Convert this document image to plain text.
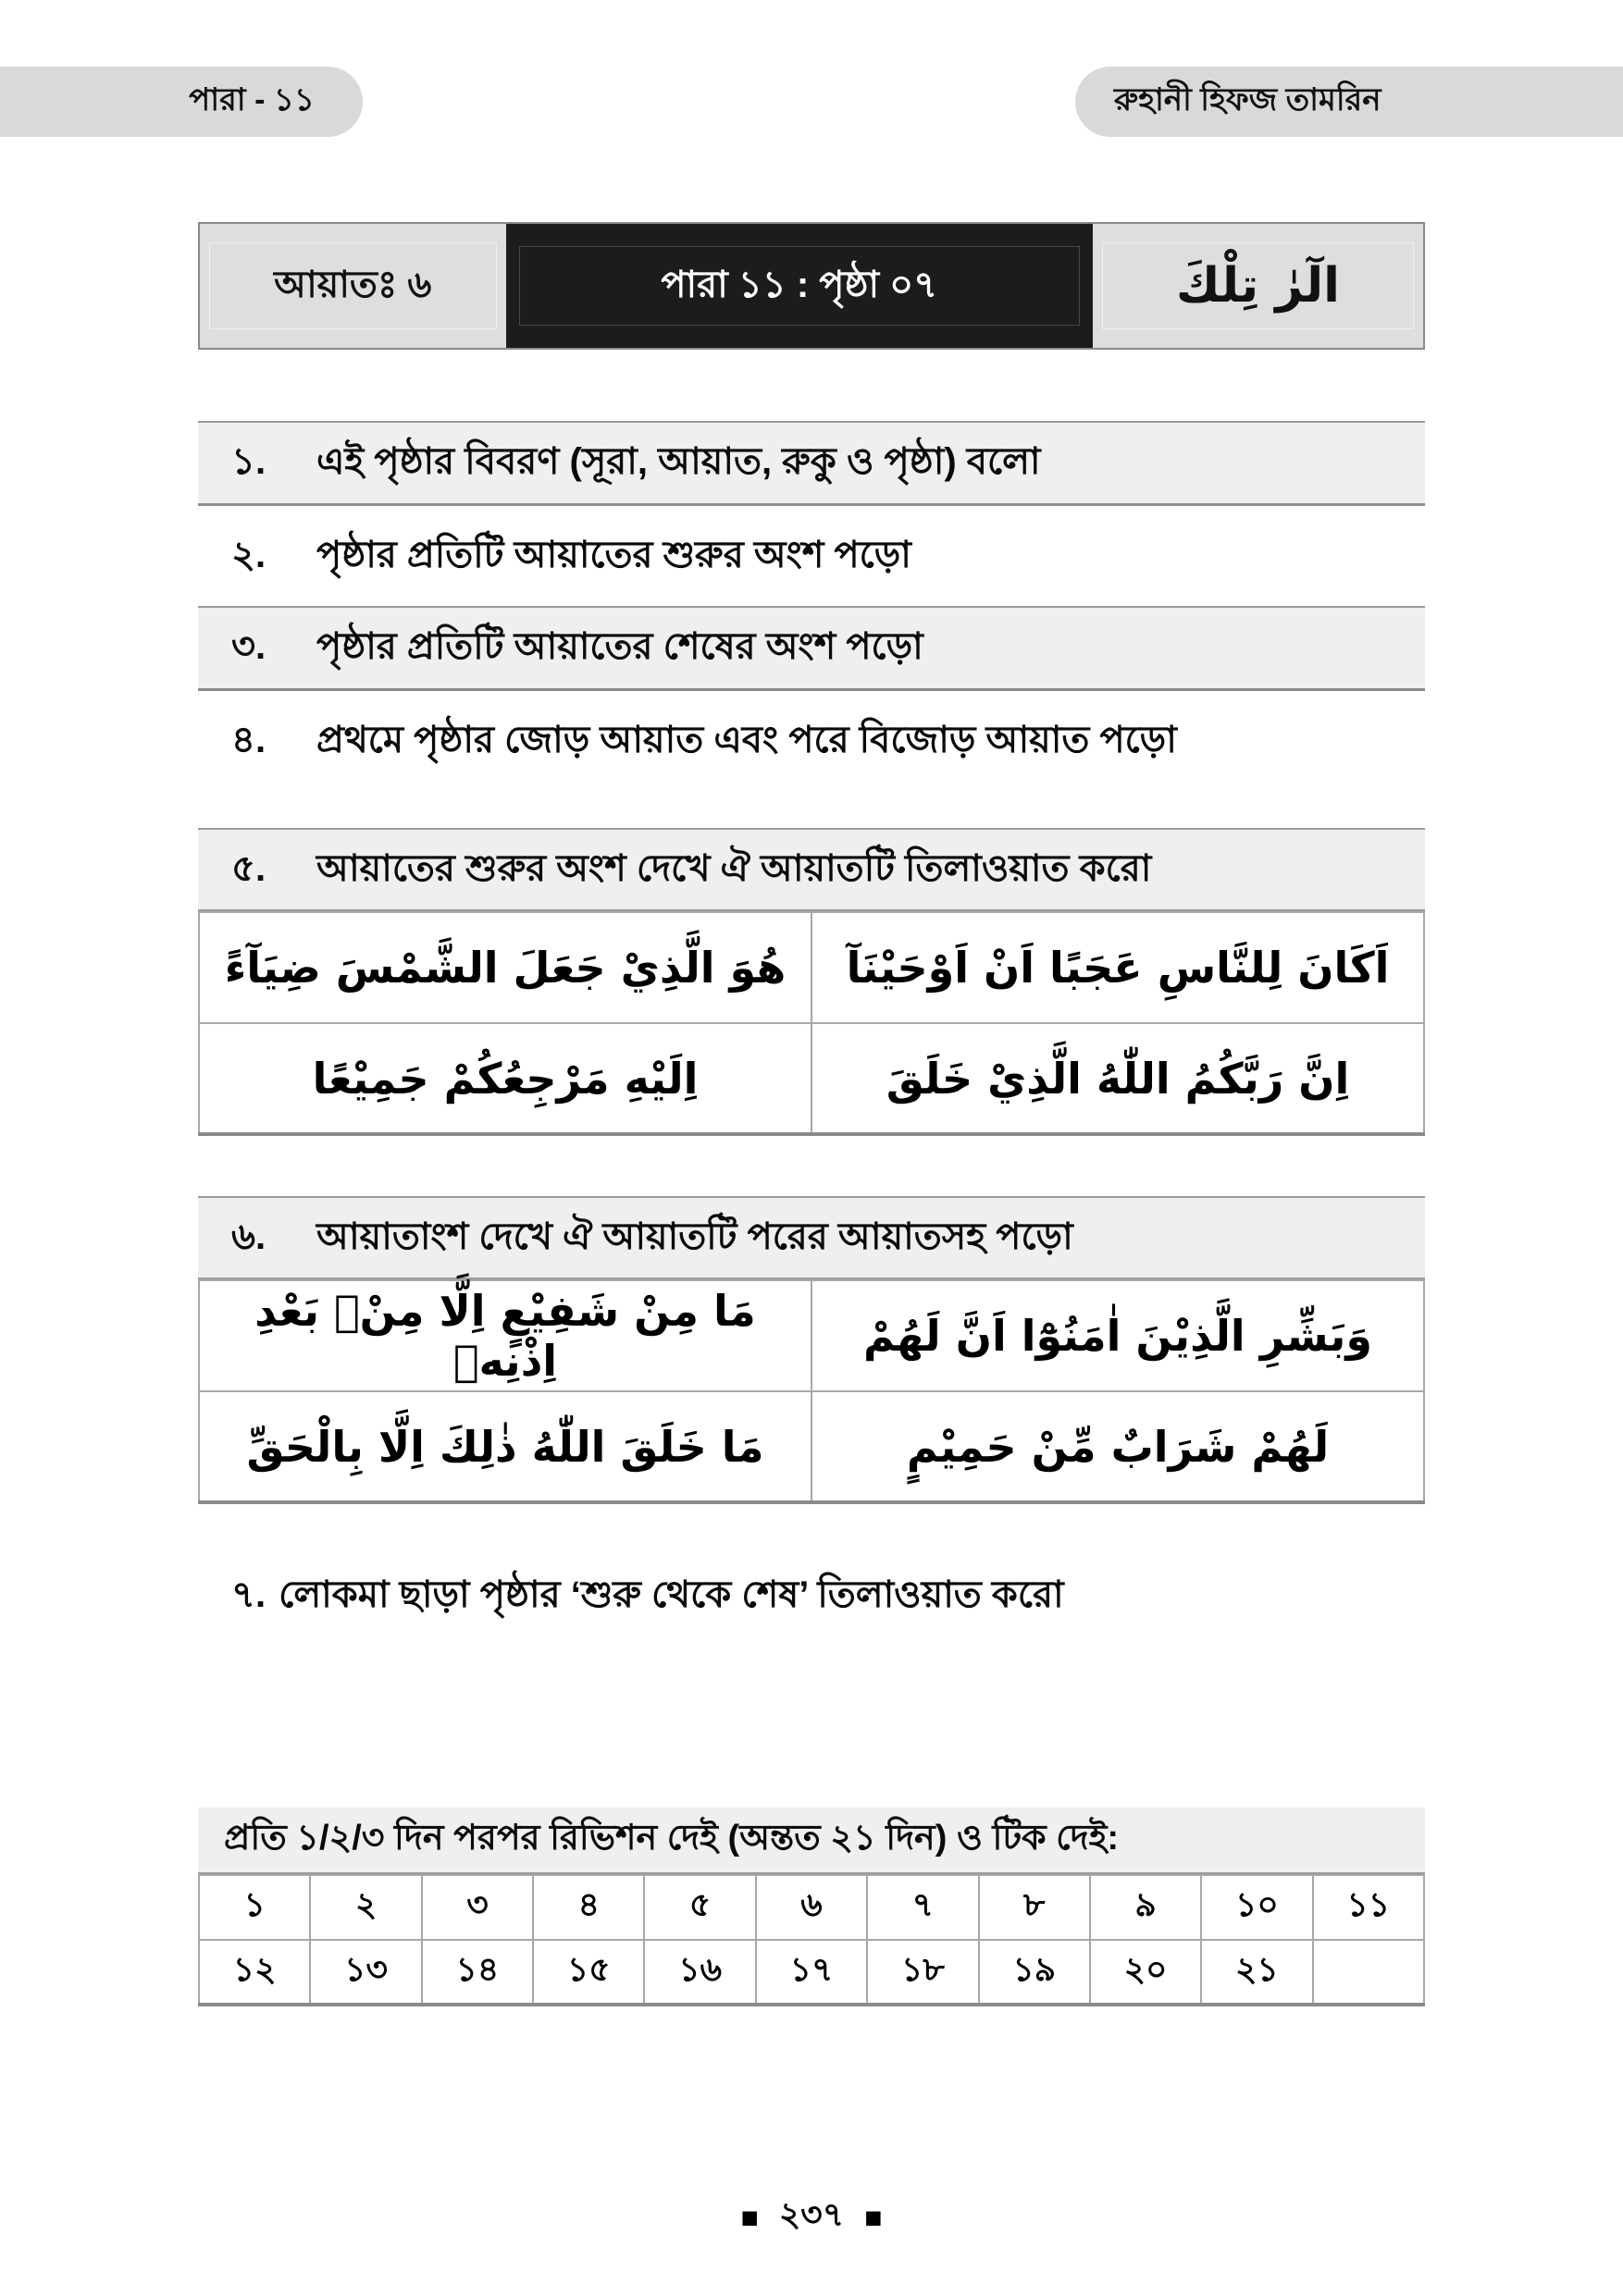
পারা - ১১	রুহানী হিফজ তামরিন
আয়াতঃ ৬	পারা ১১ : পৃষ্ঠা ০৭	الٓرٰ تِلْكَ
১.	এই পৃষ্ঠার বিবরণ (সূরা, আয়াত, রুকু ও পৃষ্ঠা) বলো
২.	পৃষ্ঠার প্রতিটি আয়াতের শুরুর অংশ পড়ো
৩.	পৃষ্ঠার প্রতিটি আয়াতের শেষের অংশ পড়ো
৪.	প্রথমে পৃষ্ঠার জোড় আয়াত এবং পরে বিজোড় আয়াত পড়ো
৫.	আয়াতের শুরুর অংশ দেখে ঐ আয়াতটি তিলাওয়াত করো
هُوَ الَّذِيْ جَعَلَ الشَّمْسَ ضِيَآءً	اَكَانَ لِلنَّاسِ عَجَبًا اَنْ اَوْحَيْنَآ
اِلَيْهِ مَرْجِعُكُمْ جَمِيْعًا	اِنَّ رَبَّكُمُ اللّٰهُ الَّذِيْ خَلَقَ
৬.	আয়াতাংশ দেখে ঐ আয়াতটি পরের আয়াতসহ পড়ো
مَا مِنْ شَفِيْعٍ اِلَّا مِنْۢ بَعْدِ اِذْنِهٖ	وَبَشِّرِ الَّذِيْنَ اٰمَنُوْٓا اَنَّ لَهُمْ
مَا خَلَقَ اللّٰهُ ذٰلِكَ اِلَّا بِالْحَقِّ	لَهُمْ شَرَابٌ مِّنْ حَمِيْمٍ
৭. লোকমা ছাড়া পৃষ্ঠার ‘শুরু থেকে শেষ’ তিলাওয়াত করো
প্রতি ১/২/৩ দিন পরপর রিভিশন দেই (অন্তত ২১ দিন) ও টিক দেই:
১	২	৩	৪	৫	৬	৭	৮	৯	১০	১১
১২	১৩	১৪	১৫	১৬	১৭	১৮	১৯	২০	২১	
■ ২৩৭ ■
